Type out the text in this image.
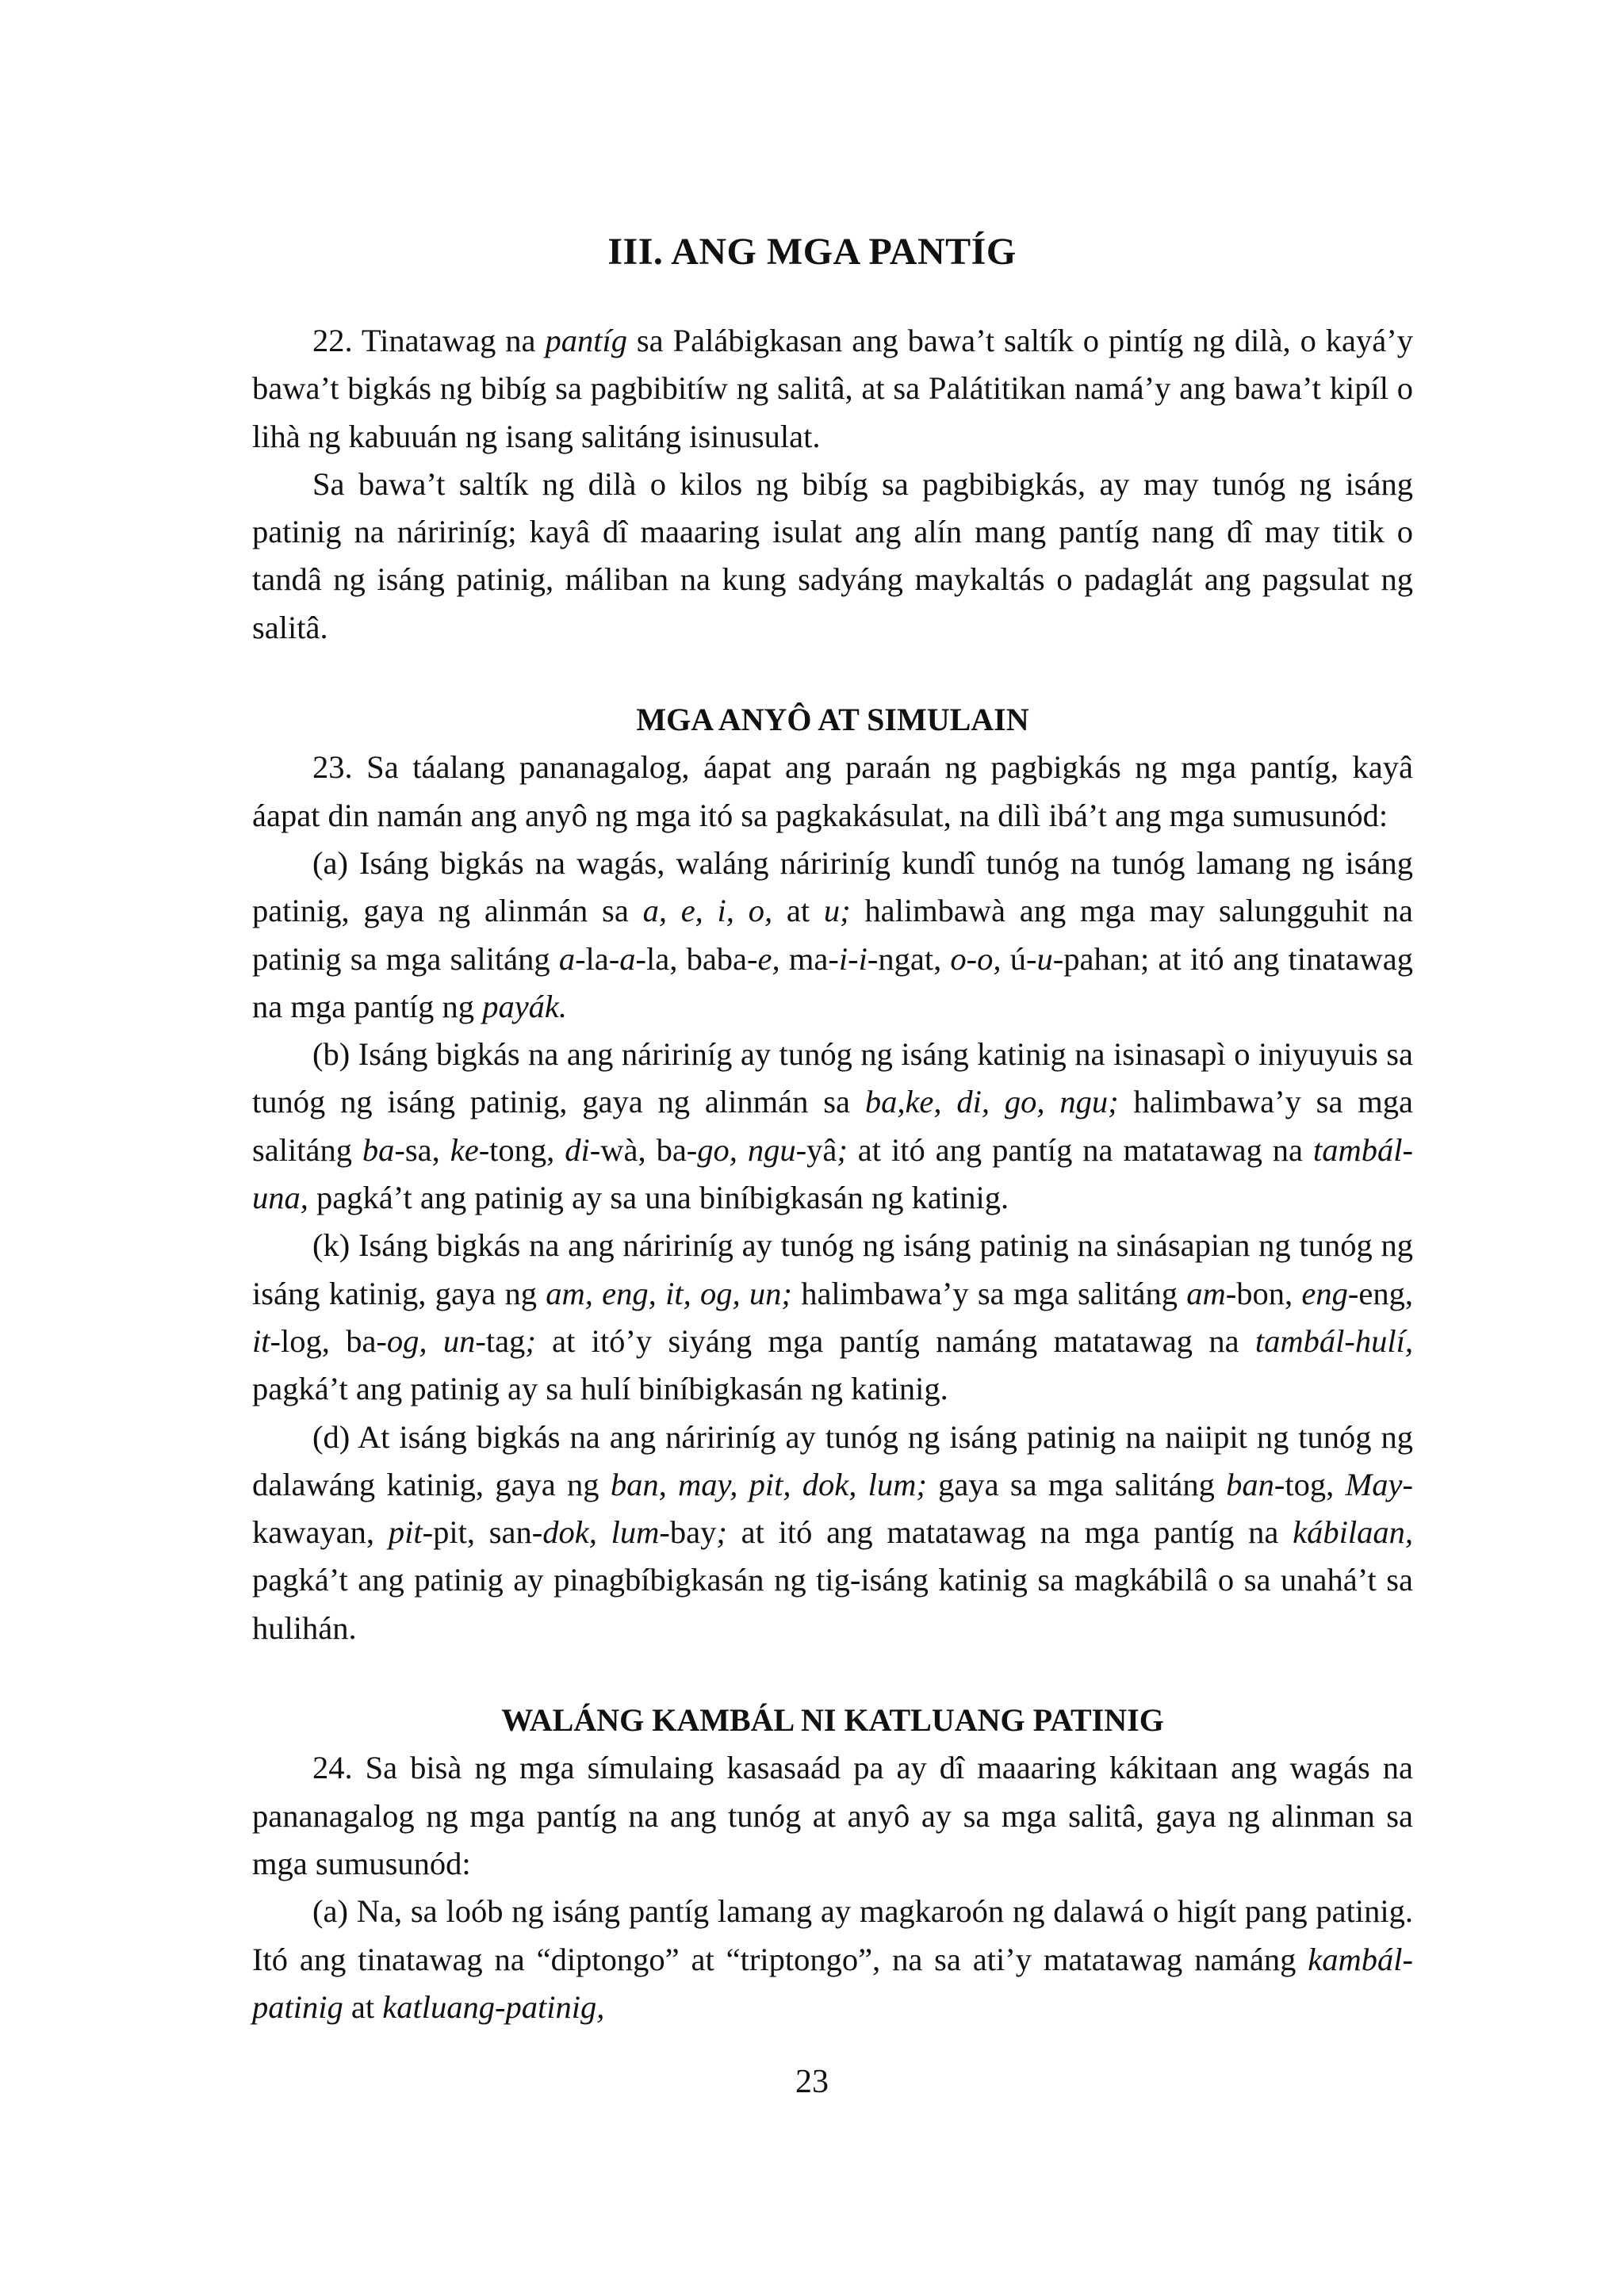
III. ANG MGA PANTÍG

22. Tinatawag na pantíg sa Palábigkasan ang bawa’t saltík o pintíg ng dilà, o kayá’y bawa’t bigkás ng bibíg sa pagbibitíw ng salitâ, at sa Palátitikan namá’y ang bawa’t kipíl o lihà ng kabuuán ng isang salitáng isinusulat.

Sa bawa’t saltík ng dilà o kilos ng bibíg sa pagbibigkás, ay may tunóg ng isáng patinig na náririníg; kayâ dî maaaring isulat ang alín mang pantíg nang dî may titik o tandâ ng isáng patinig, máliban na kung sadyáng maykaltás o padaglát ang pagsulat ng salitâ.

MGA ANYÔ AT SIMULAIN

23. Sa táalang pananagalog, áapat ang paraán ng pagbigkás ng mga pantíg, kayâ áapat din namán ang anyô ng mga itó sa pagkakásulat, na dilì ibá’t ang mga sumusunód:

(a) Isáng bigkás na wagás, waláng náririníg kundî tunóg na tunóg lamang ng isáng patinig, gaya ng alinmán sa a, e, i, o, at u; halimbawà ang mga may salungguhit na patinig sa mga salitáng a-la-a-la, baba-e, ma-i-i-ngat, o-o, ú-u-pahan; at itó ang tinatawag na mga pantíg ng payák.

(b) Isáng bigkás na ang náririníg ay tunóg ng isáng katinig na isinasapì o iniyuyuis sa tunóg ng isáng patinig, gaya ng alinmán sa ba,ke, di, go, ngu; halimbawa’y sa mga salitáng ba-sa, ke-tong, di-wà, ba-go, ngu-yâ; at itó ang pantíg na matatawag na tambál-una, pagká’t ang patinig ay sa una biníbigkasán ng katinig.

(k) Isáng bigkás na ang náririníg ay tunóg ng isáng patinig na sinásapian ng tunóg ng isáng katinig, gaya ng am, eng, it, og, un; halimbawa’y sa mga salitáng am-bon, eng-eng, it-log, ba-og, un-tag; at itó’y siyáng mga pantíg namáng matatawag na tambál-hulí, pagká’t ang patinig ay sa hulí biníbigkasán ng katinig.

(d) At isáng bigkás na ang náririníg ay tunóg ng isáng patinig na naiipit ng tunóg ng dalawáng katinig, gaya ng ban, may, pit, dok, lum; gaya sa mga salitáng ban-tog, May-kawayan, pit-pit, san-dok, lum-bay; at itó ang matatawag na mga pantíg na kábilaan, pagká’t ang patinig ay pinagbíbigkasán ng tig-isáng katinig sa magkábilâ o sa unahá’t sa hulihán.

WALÁNG KAMBÁL NI KATLUANG PATINIG

24. Sa bisà ng mga símulaing kasasaád pa ay dî maaaring kákitaan ang wagás na pananagalog ng mga pantíg na ang tunóg at anyô ay sa mga salitâ, gaya ng alinman sa mga sumusunód:

(a) Na, sa loób ng isáng pantíg lamang ay magkaroón ng dalawá o higít pang patinig. Itó ang tinatawag na “diptongo” at “triptongo”, na sa ati’y matatawag namáng kambál-patinig at katluang-patinig,

23
